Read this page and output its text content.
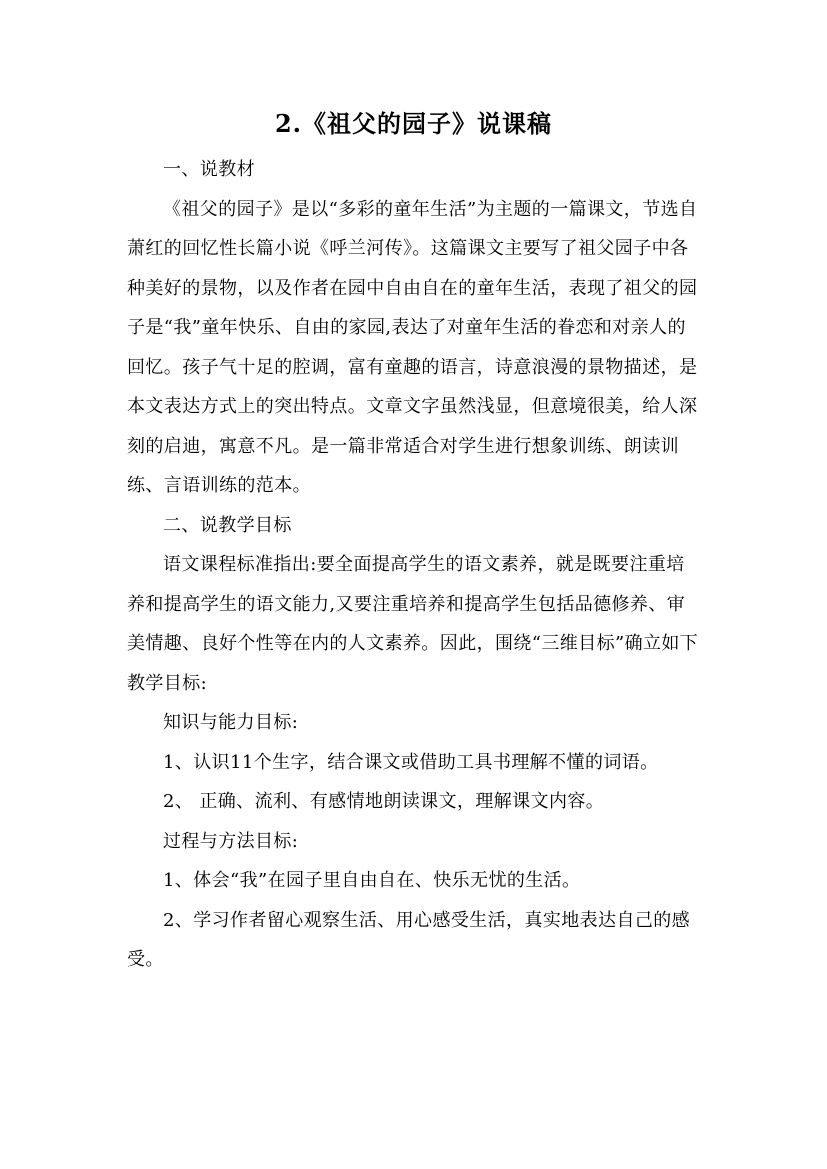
2.《祖父的园子》说课稿

一、说教材

《祖父的园子》是以“多彩的童年生活”为主题的一篇课文，节选自萧红的回忆性长篇小说《呼兰河传》。这篇课文主要写了祖父园子中各种美好的景物，以及作者在园中自由自在的童年生活，表现了祖父的园子是“我”童年快乐、自由的家园,表达了对童年生活的眷恋和对亲人的回忆。孩子气十足的腔调，富有童趣的语言，诗意浪漫的景物描述，是本文表达方式上的突出特点。文章文字虽然浅显，但意境很美，给人深刻的启迪，寓意不凡。是一篇非常适合对学生进行想象训练、朗读训练、言语训练的范本。

二、说教学目标

语文课程标准指出:要全面提高学生的语文素养，就是既要注重培养和提高学生的语文能力,又要注重培养和提高学生包括品德修养、审美情趣、良好个性等在内的人文素养。因此，围绕“三维目标”确立如下教学目标:

知识与能力目标:

1、认识11个生字，结合课文或借助工具书理解不懂的词语。

2、 正确、流利、有感情地朗读课文，理解课文内容。

过程与方法目标:

1、体会“我”在园子里自由自在、快乐无忧的生活。

2、学习作者留心观察生活、用心感受生活，真实地表达自己的感受。
